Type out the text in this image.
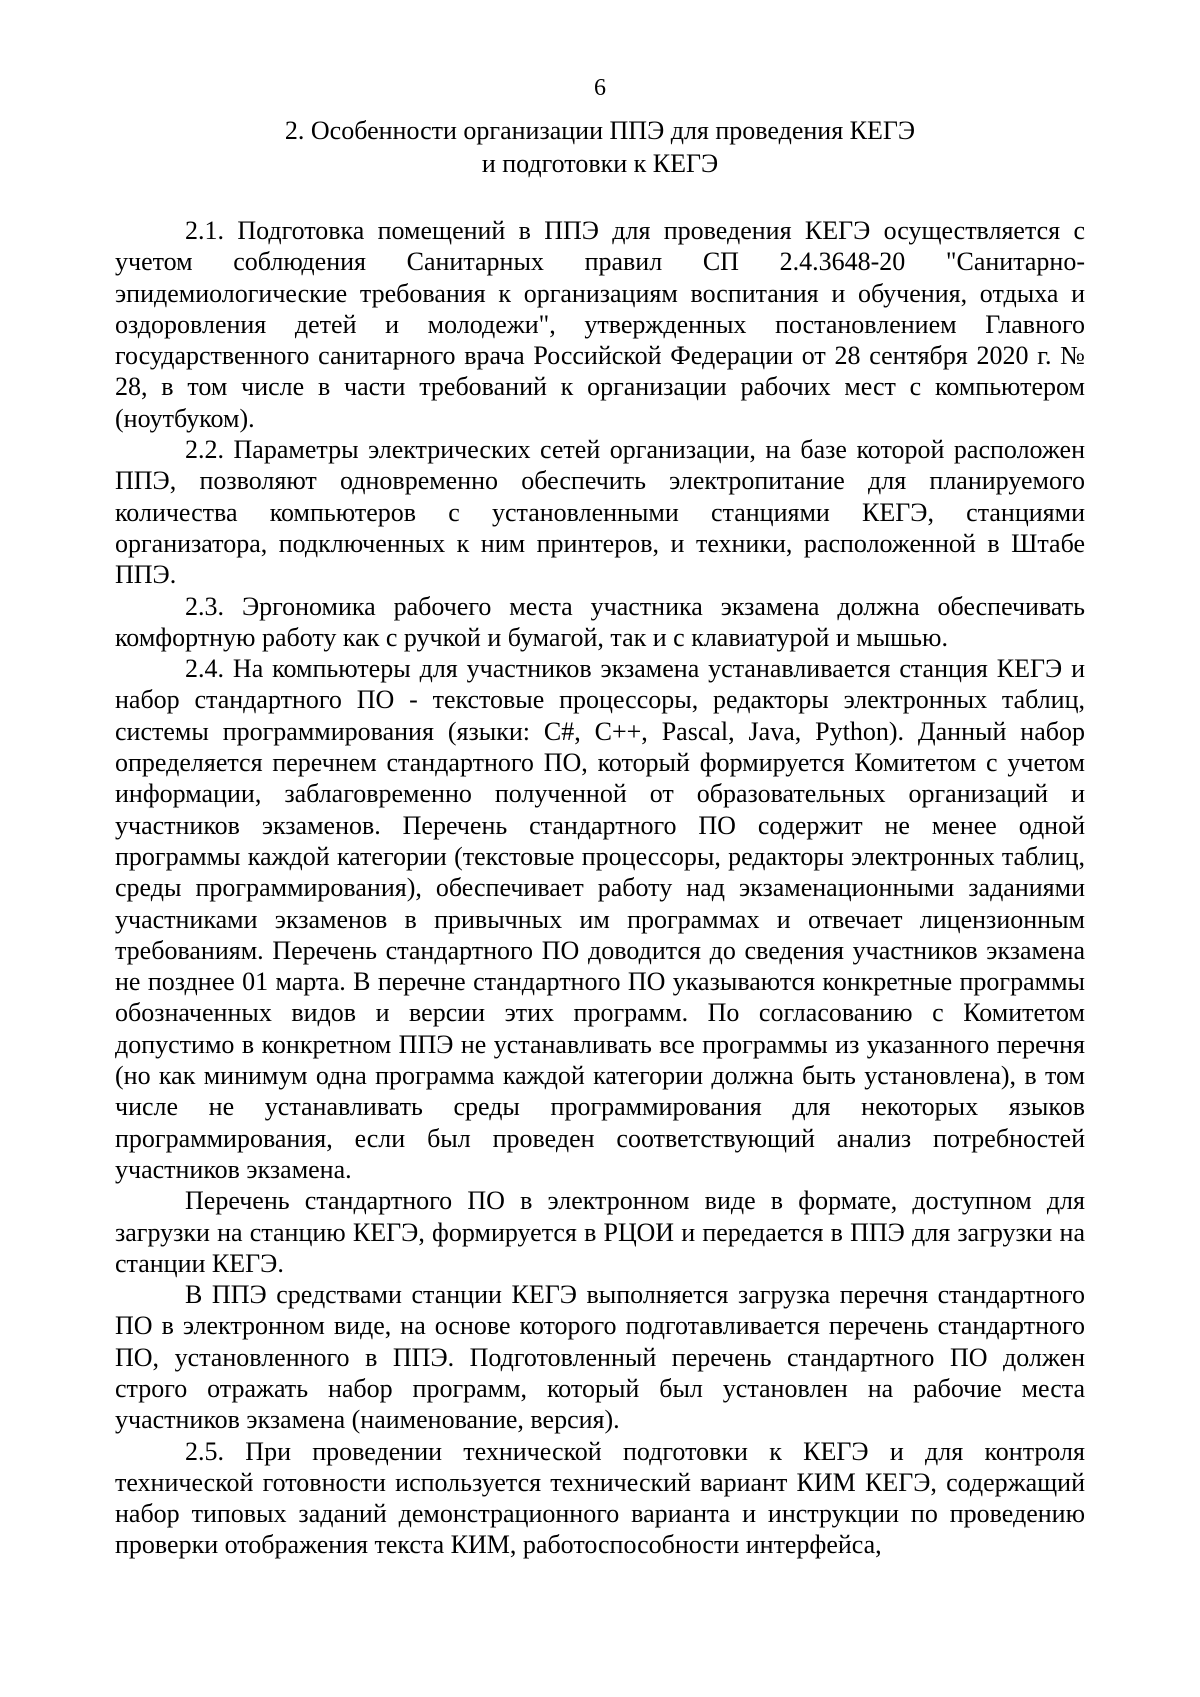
6
2. Особенности организации ППЭ для проведения КЕГЭ
и подготовки к КЕГЭ

2.1. Подготовка помещений в ППЭ для проведения КЕГЭ осуществляется с учетом соблюдения Санитарных правил СП 2.4.3648-20 "Санитарно-эпидемиологические требования к организациям воспитания и обучения, отдыха и оздоровления детей и молодежи", утвержденных постановлением Главного государственного санитарного врача Российской Федерации от 28 сентября 2020 г. № 28, в том числе в части требований к организации рабочих мест с компьютером (ноутбуком).

2.2. Параметры электрических сетей организации, на базе которой расположен ППЭ, позволяют одновременно обеспечить электропитание для планируемого количества компьютеров с установленными станциями КЕГЭ, станциями организатора, подключенных к ним принтеров, и техники, расположенной в Штабе ППЭ.

2.3. Эргономика рабочего места участника экзамена должна обеспечивать комфортную работу как с ручкой и бумагой, так и с клавиатурой и мышью.

2.4. На компьютеры для участников экзамена устанавливается станция КЕГЭ и набор стандартного ПО - текстовые процессоры, редакторы электронных таблиц, системы программирования (языки: C#, C++, Pascal, Java, Python). Данный набор определяется перечнем стандартного ПО, который формируется Комитетом с учетом информации, заблаговременно полученной от образовательных организаций и участников экзаменов. Перечень стандартного ПО содержит не менее одной программы каждой категории (текстовые процессоры, редакторы электронных таблиц, среды программирования), обеспечивает работу над экзаменационными заданиями участниками экзаменов в привычных им программах и отвечает лицензионным требованиям. Перечень стандартного ПО доводится до сведения участников экзамена не позднее 01 марта. В перечне стандартного ПО указываются конкретные программы обозначенных видов и версии этих программ. По согласованию с Комитетом допустимо в конкретном ППЭ не устанавливать все программы из указанного перечня (но как минимум одна программа каждой категории должна быть установлена), в том числе не устанавливать среды программирования для некоторых языков программирования, если был проведен соответствующий анализ потребностей участников экзамена.

Перечень стандартного ПО в электронном виде в формате, доступном для загрузки на станцию КЕГЭ, формируется в РЦОИ и передается в ППЭ для загрузки на станции КЕГЭ.

В ППЭ средствами станции КЕГЭ выполняется загрузка перечня стандартного ПО в электронном виде, на основе которого подготавливается перечень стандартного ПО, установленного в ППЭ. Подготовленный перечень стандартного ПО должен строго отражать набор программ, который был установлен на рабочие места участников экзамена (наименование, версия).

2.5. При проведении технической подготовки к КЕГЭ и для контроля технической готовности используется технический вариант КИМ КЕГЭ, содержащий набор типовых заданий демонстрационного варианта и инструкции по проведению проверки отображения текста КИМ, работоспособности интерфейса,
